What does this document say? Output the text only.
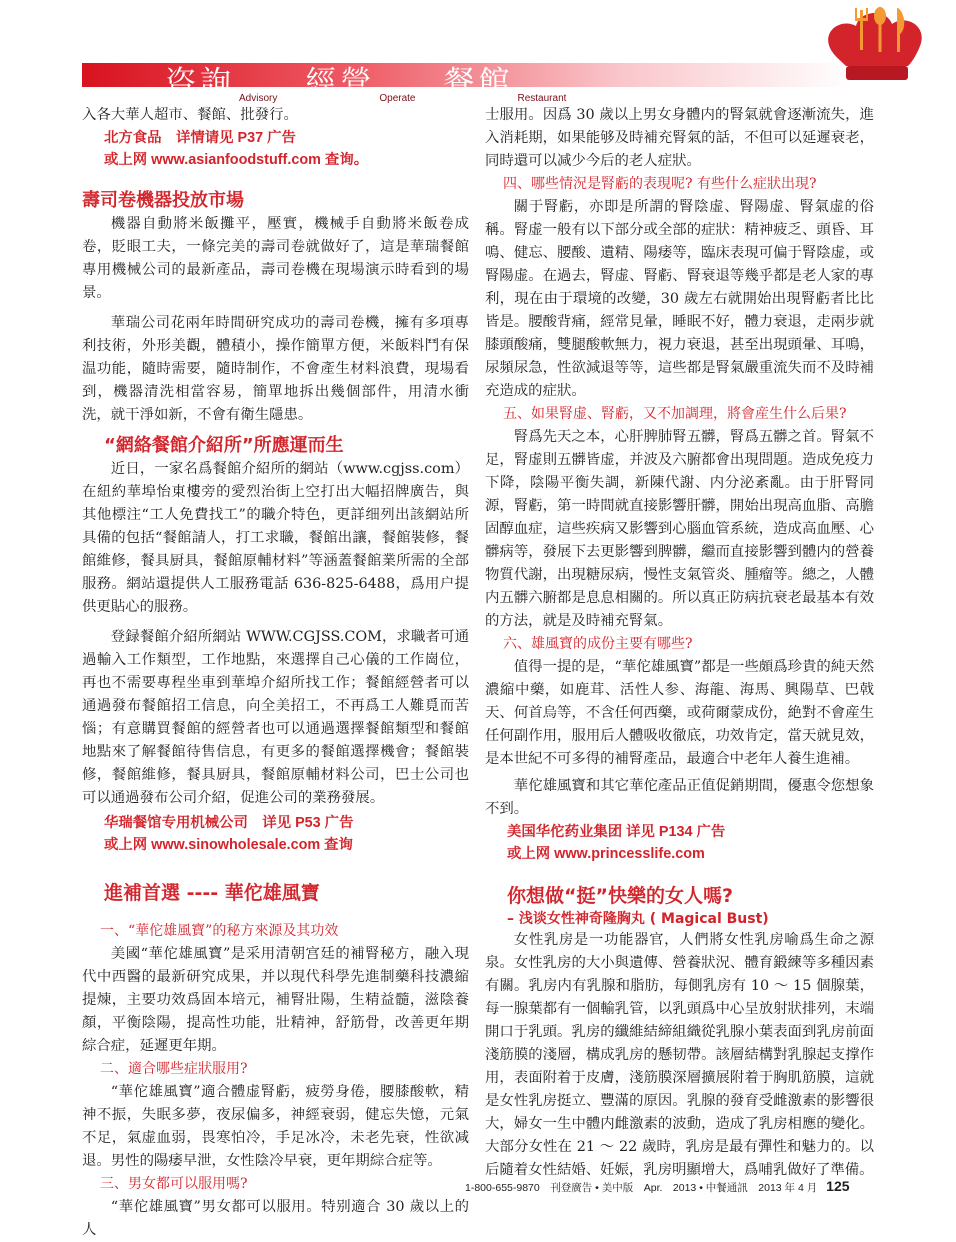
咨詢 $_{Advisory}$ 經營 $_{Operate}$ 餐館 $_{Restaurant}$

入各大華人超市、餐館、批發行。

北方食品　详情请见 P37 广告

或上网 www.asianfoodstuff.com 查询。

壽司卷機器投放市場

機器自動將米飯攤平，壓實，機械手自動將米飯卷成卷，貶眼工夫，一條完美的壽司卷就做好了，這是華瑞餐館專用機械公司的最新產品，壽司卷機在現場演示時看到的場景。

華瑞公司花兩年時間研究成功的壽司卷機，擁有多項專利技術，外形美觀，體積小，操作簡單方便，米飯料鬥有保温功能，隨時需要，隨時制作，不會產生材料浪費，現場看到，機器清洗相當容易，簡單地拆出幾個部件，用清水衝洗，就干淨如新，不會有衛生隱患。

“網絡餐館介紹所”所應運而生

近日，一家名爲餐館介紹所的網站（www.cgjss.com）在紐約華埠怡東樓旁的愛烈治街上空打出大幅招牌廣告，與其他標注“工人免費找工”的職介特色，更詳细列出該網站所具備的包括“餐館請人，打工求職，餐館出讓，餐館裝修，餐館維修，餐具厨具，餐館原輔材料”等涵蓋餐館業所需的全部服務。網站還提供人工服務電話 636-825-6488，爲用户提供更貼心的服務。

登録餐館介紹所網站 WWW.CGJSS.COM，求職者可通過輸入工作類型，工作地點，來選擇自己心儀的工作崗位，再也不需要專程坐車到華埠介紹所找工作；餐館經營者可以通過發布餐館招工信息，向全美招工，不再爲工人難覓而苦惱；有意購買餐館的經營者也可以通過選擇餐館類型和餐館地點來了解餐館待售信息，有更多的餐館選擇機會；餐館裝修，餐館維修，餐具厨具，餐館原輔材料公司，巴士公司也可以通過發布公司介紹，促進公司的業務發展。

华瑞餐馆专用机械公司　详见 P53 广告

或上网 www.sinowholesale.com 查询

進補首選 ---- 華佗雄風寶

一、“華佗雄風寶”的秘方來源及其功效

美國“華佗雄風寶”是采用清朝宫廷的補腎秘方，融入現代中西醫的最新研究成果，并以現代科學先進制藥科技濃縮提煉，主要功效爲固本培元，補腎壯陽，生精益髓，滋陰養顏，平衡陰陽，提高性功能，壯精神，舒筋骨，改善更年期綜合症，延遲更年期。

二、適合哪些症狀服用?

“華佗雄風寶”適合體虚腎虧，疲勞身倦，腰膝酸軟，精神不振，失眠多夢，夜尿偏多，神經衰弱，健忘失憶，元氣不足，氣虚血弱，畏寒怕冷，手足冰冷，未老先衰，性欲减退。男性的陽痿早泄，女性陰冷早衰，更年期綜合症等。

三、男女都可以服用嗎?

“華佗雄風寶”男女都可以服用。特别適合 30 歲以上的人

士服用。因爲 30 歲以上男女身體内的腎氣就會逐漸流失，進入消耗期，如果能够及時補充腎氣的話，不但可以延遲衰老，同時還可以减少今后的老人症狀。

四、哪些情況是腎虧的表現呢? 有些什么症狀出現?

關于腎虧，亦即是所謂的腎陰虚、腎陽虚、腎氣虚的俗稱。腎虚一般有以下部分或全部的症狀：精神疲乏、頭昏、耳鳴、健忘、腰酸、遺精、陽痿等，臨床表現可偏于腎陰虚，或腎陽虚。在過去，腎虚、腎虧、腎衰退等幾乎都是老人家的專利，現在由于環境的改變，30 歲左右就開始出現腎虧者比比皆是。腰酸背痛，經常見暈，睡眠不好，體力衰退，走兩步就膝頭酸痛，雙腿酸軟無力，視力衰退，甚至出現頭暈、耳鳴，尿頻尿急，性欲減退等等，這些都是腎氣嚴重流失而不及時補充造成的症狀。

五、如果腎虚、腎虧，又不加調理，將會産生什么后果?

腎爲先天之本，心肝脾肺腎五髒，腎爲五髒之首。腎氣不足，腎虚則五髒皆虚，并波及六腑都會出現問題。造成免疫力下降，陰陽平衡失調，新陳代謝、内分泌紊亂。由于肝腎同源，腎虧，第一時間就直接影響肝髒，開始出現高血脂、高膽固醇血症，這些疾病又影響到心腦血管系統，造成高血壓、心髒病等，發展下去更影響到脾髒，繼而直接影響到體内的營養物質代謝，出現糖尿病，慢性支氣管炎、腫瘤等。總之，人體内五髒六腑都是息息相關的。所以真正防病抗衰老最基本有效的方法，就是及時補充腎氣。

六、雄風寶的成份主要有哪些?

值得一提的是，“華佗雄風寶”都是一些頗爲珍貴的純天然濃縮中藥，如鹿茸、活性人参、海龍、海馬、興陽草、巴戟天、何首烏等，不含任何西藥，或荷爾蒙成份，絶對不會産生任何副作用，服用后人體吸收徹底，功效肯定，當天就見效，是本世紀不可多得的補腎產品，最適合中老年人養生進補。

華佗雄風寶和其它華佗產品正值促銷期間，優惠令您想象不到。

美国华佗药业集团 详见 P134 广告

或上网 www.princesslife.com

你想做“挺”快樂的女人嗎?

– 浅谈女性神奇隆胸丸 ( Magical Bust)

女性乳房是一功能器官，人們將女性乳房喻爲生命之源泉。女性乳房的大小與遺傳、營養狀況、體育鍛練等多種因素有關。乳房内有乳腺和脂肪，每側乳房有 10 ～ 15 個腺葉，每一腺葉都有一個輸乳管，以乳頭爲中心呈放射狀排列，末端開口于乳頭。乳房的纖維結締組織從乳腺小葉表面到乳房前面淺筋膜的淺層，構成乳房的懸韧帶。該層結構對乳腺起支撑作用，表面附着于皮膚，淺筋膜深層擴展附着于胸肌筋膜，這就是女性乳房挺立、豐滿的原因。乳腺的發育受雌激素的影響很大，婦女一生中體内雌激素的波動，造成了乳房相應的變化。大部分女性在 21 ～ 22 歲時，乳房是最有彈性和魅力的。以后隨着女性結婚、妊娠，乳房明顯增大，爲哺乳做好了準備。

1-800-655-9870　刊登廣告 • 美中版　Apr.　2013 • 中餐通訊　2013 年 4 月 125
